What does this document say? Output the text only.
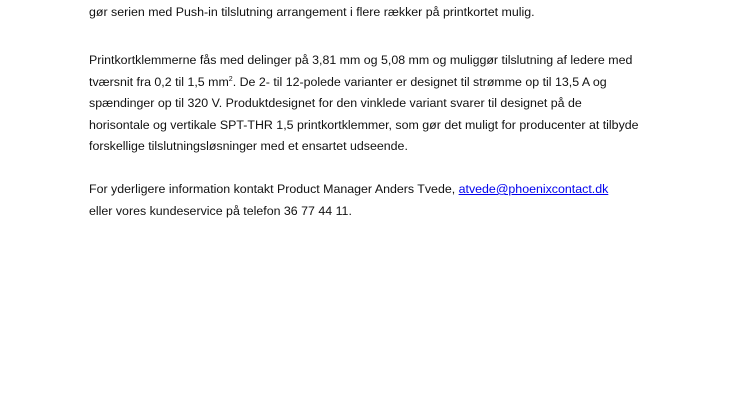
gør serien med Push-in tilslutning arrangement i flere rækker på printkortet mulig.

Printkortklemmerne fås med delinger på 3,81 mm og 5,08 mm og muliggør tilslutning af ledere med
tværsnit fra 0,2 til 1,5 $mm^2$. De 2- til 12-polede varianter er designet til strømme op til 13,5 A og
spændinger op til 320 V. Produktdesignet for den vinklede variant svarer til designet på de
horisontale og vertikale SPT-THR 1,5 printkortklemmer, som gør det muligt for producenter at tilbyde
forskellige tilslutningsløsninger med et ensartet udseende.

For yderligere information kontakt Product Manager Anders Tvede, atvede@phoenixcontact.dk
eller vores kundeservice på telefon 36 77 44 11.
